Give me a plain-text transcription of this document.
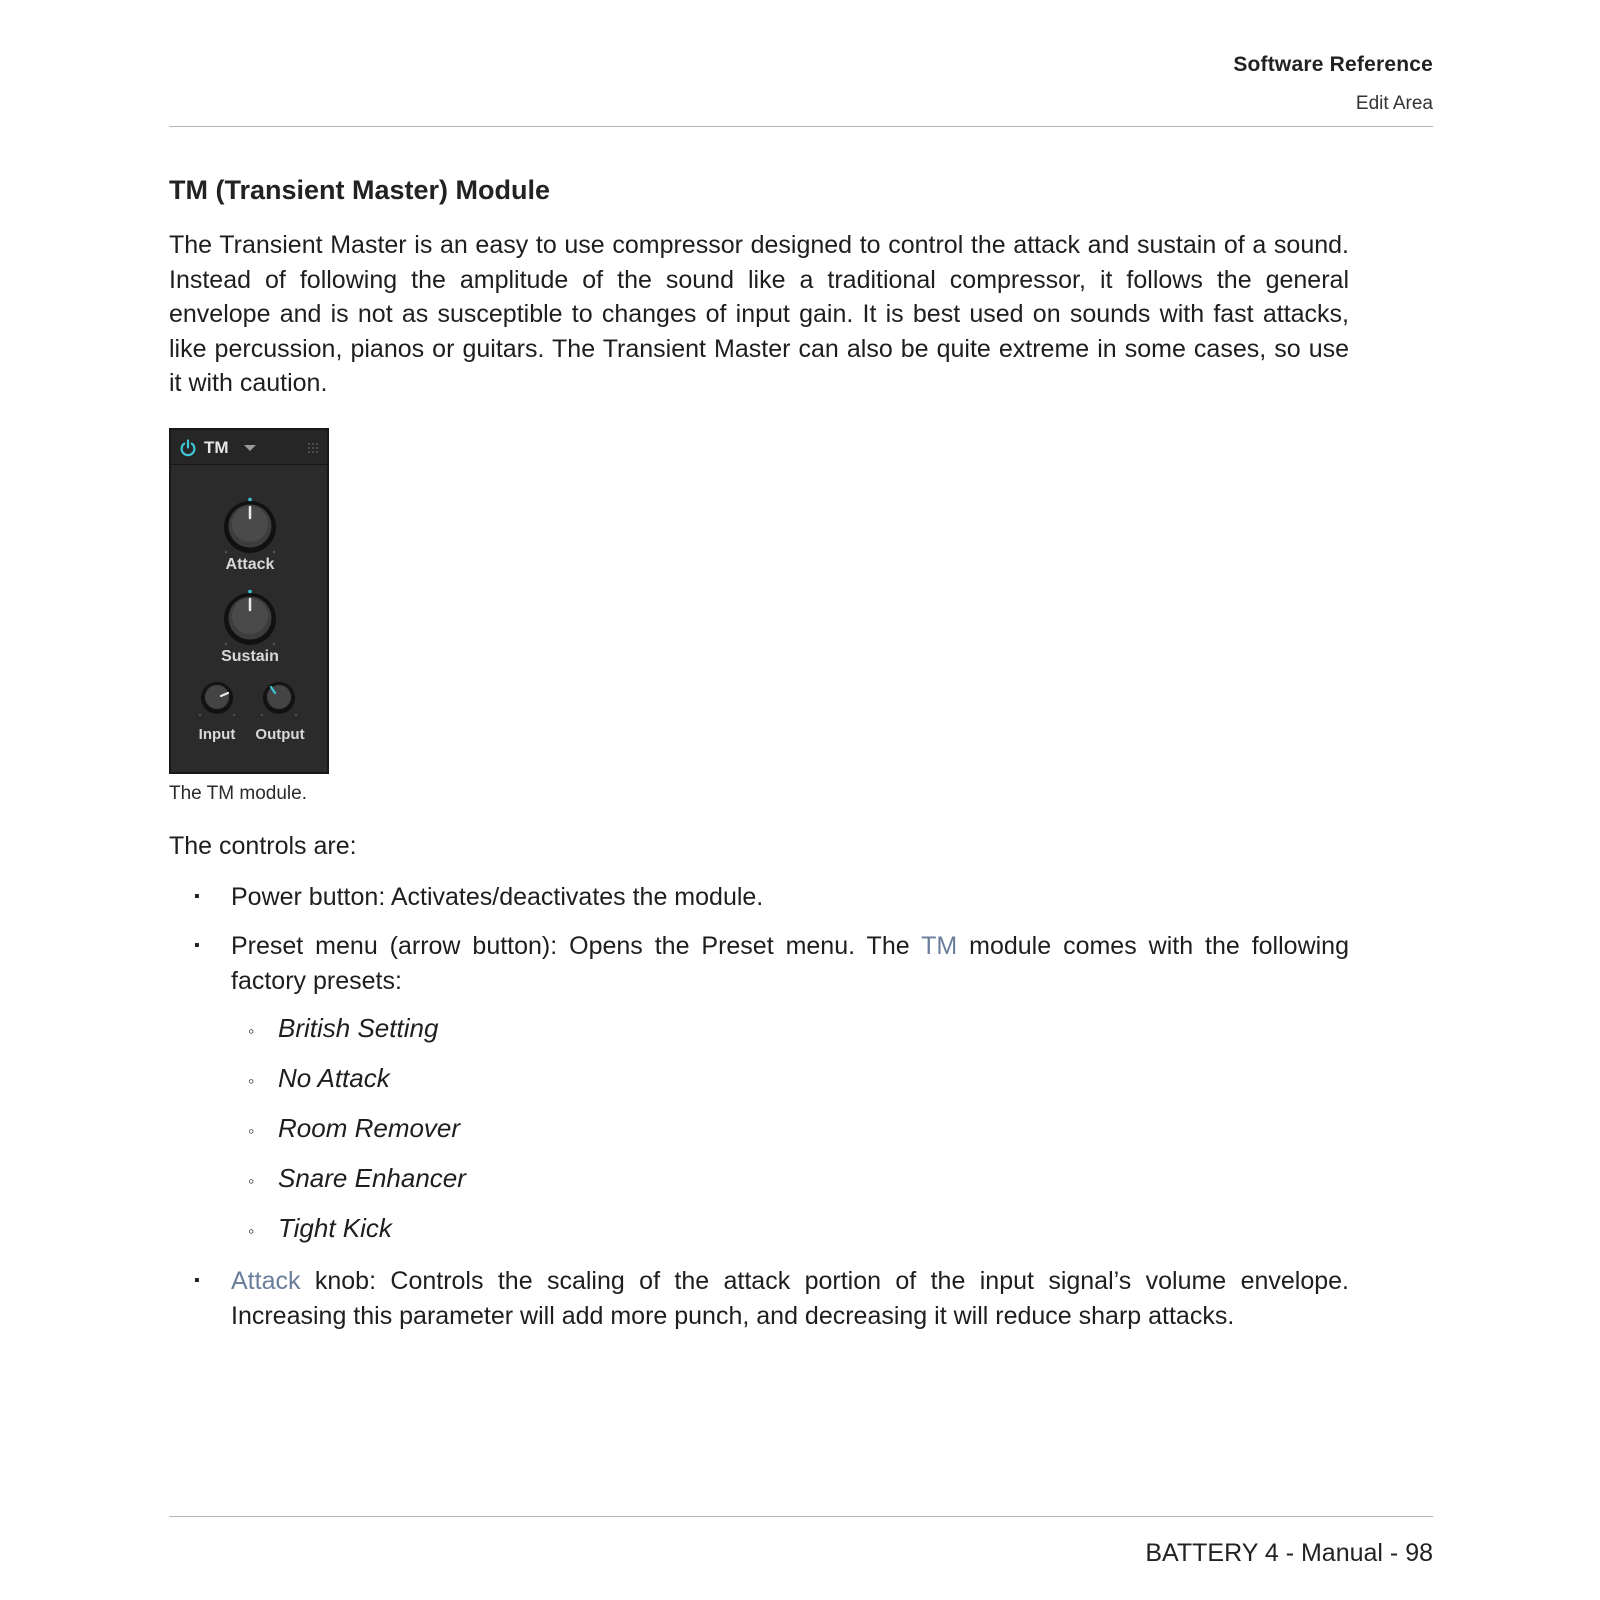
Software Reference
Edit Area
TM (Transient Master) Module

The Transient Master is an easy to use compressor designed to control the attack and sustain of a sound. Instead of following the amplitude of the sound like a traditional compressor, it follows the general envelope and is not as susceptible to changes of input gain. It is best used on sounds with fast attacks, like percussion, pianos or guitars. The Transient Master can also be quite extreme in some cases, so use it with caution.

TM
Attack
Sustain
Input	Output
The TM module.

The controls are:

▪ Power button: Activates/deactivates the module.

▪ Preset menu (arrow button): Opens the Preset menu. The TM module comes with the following factory presets:

◦ British Setting
◦ No Attack
◦ Room Remover
◦ Snare Enhancer
◦ Tight Kick
▪ Attack knob: Controls the scaling of the attack portion of the input signal’s volume envelope. Increasing this parameter will add more punch, and decreasing it will reduce sharp attacks.

BATTERY 4 - Manual - 98
